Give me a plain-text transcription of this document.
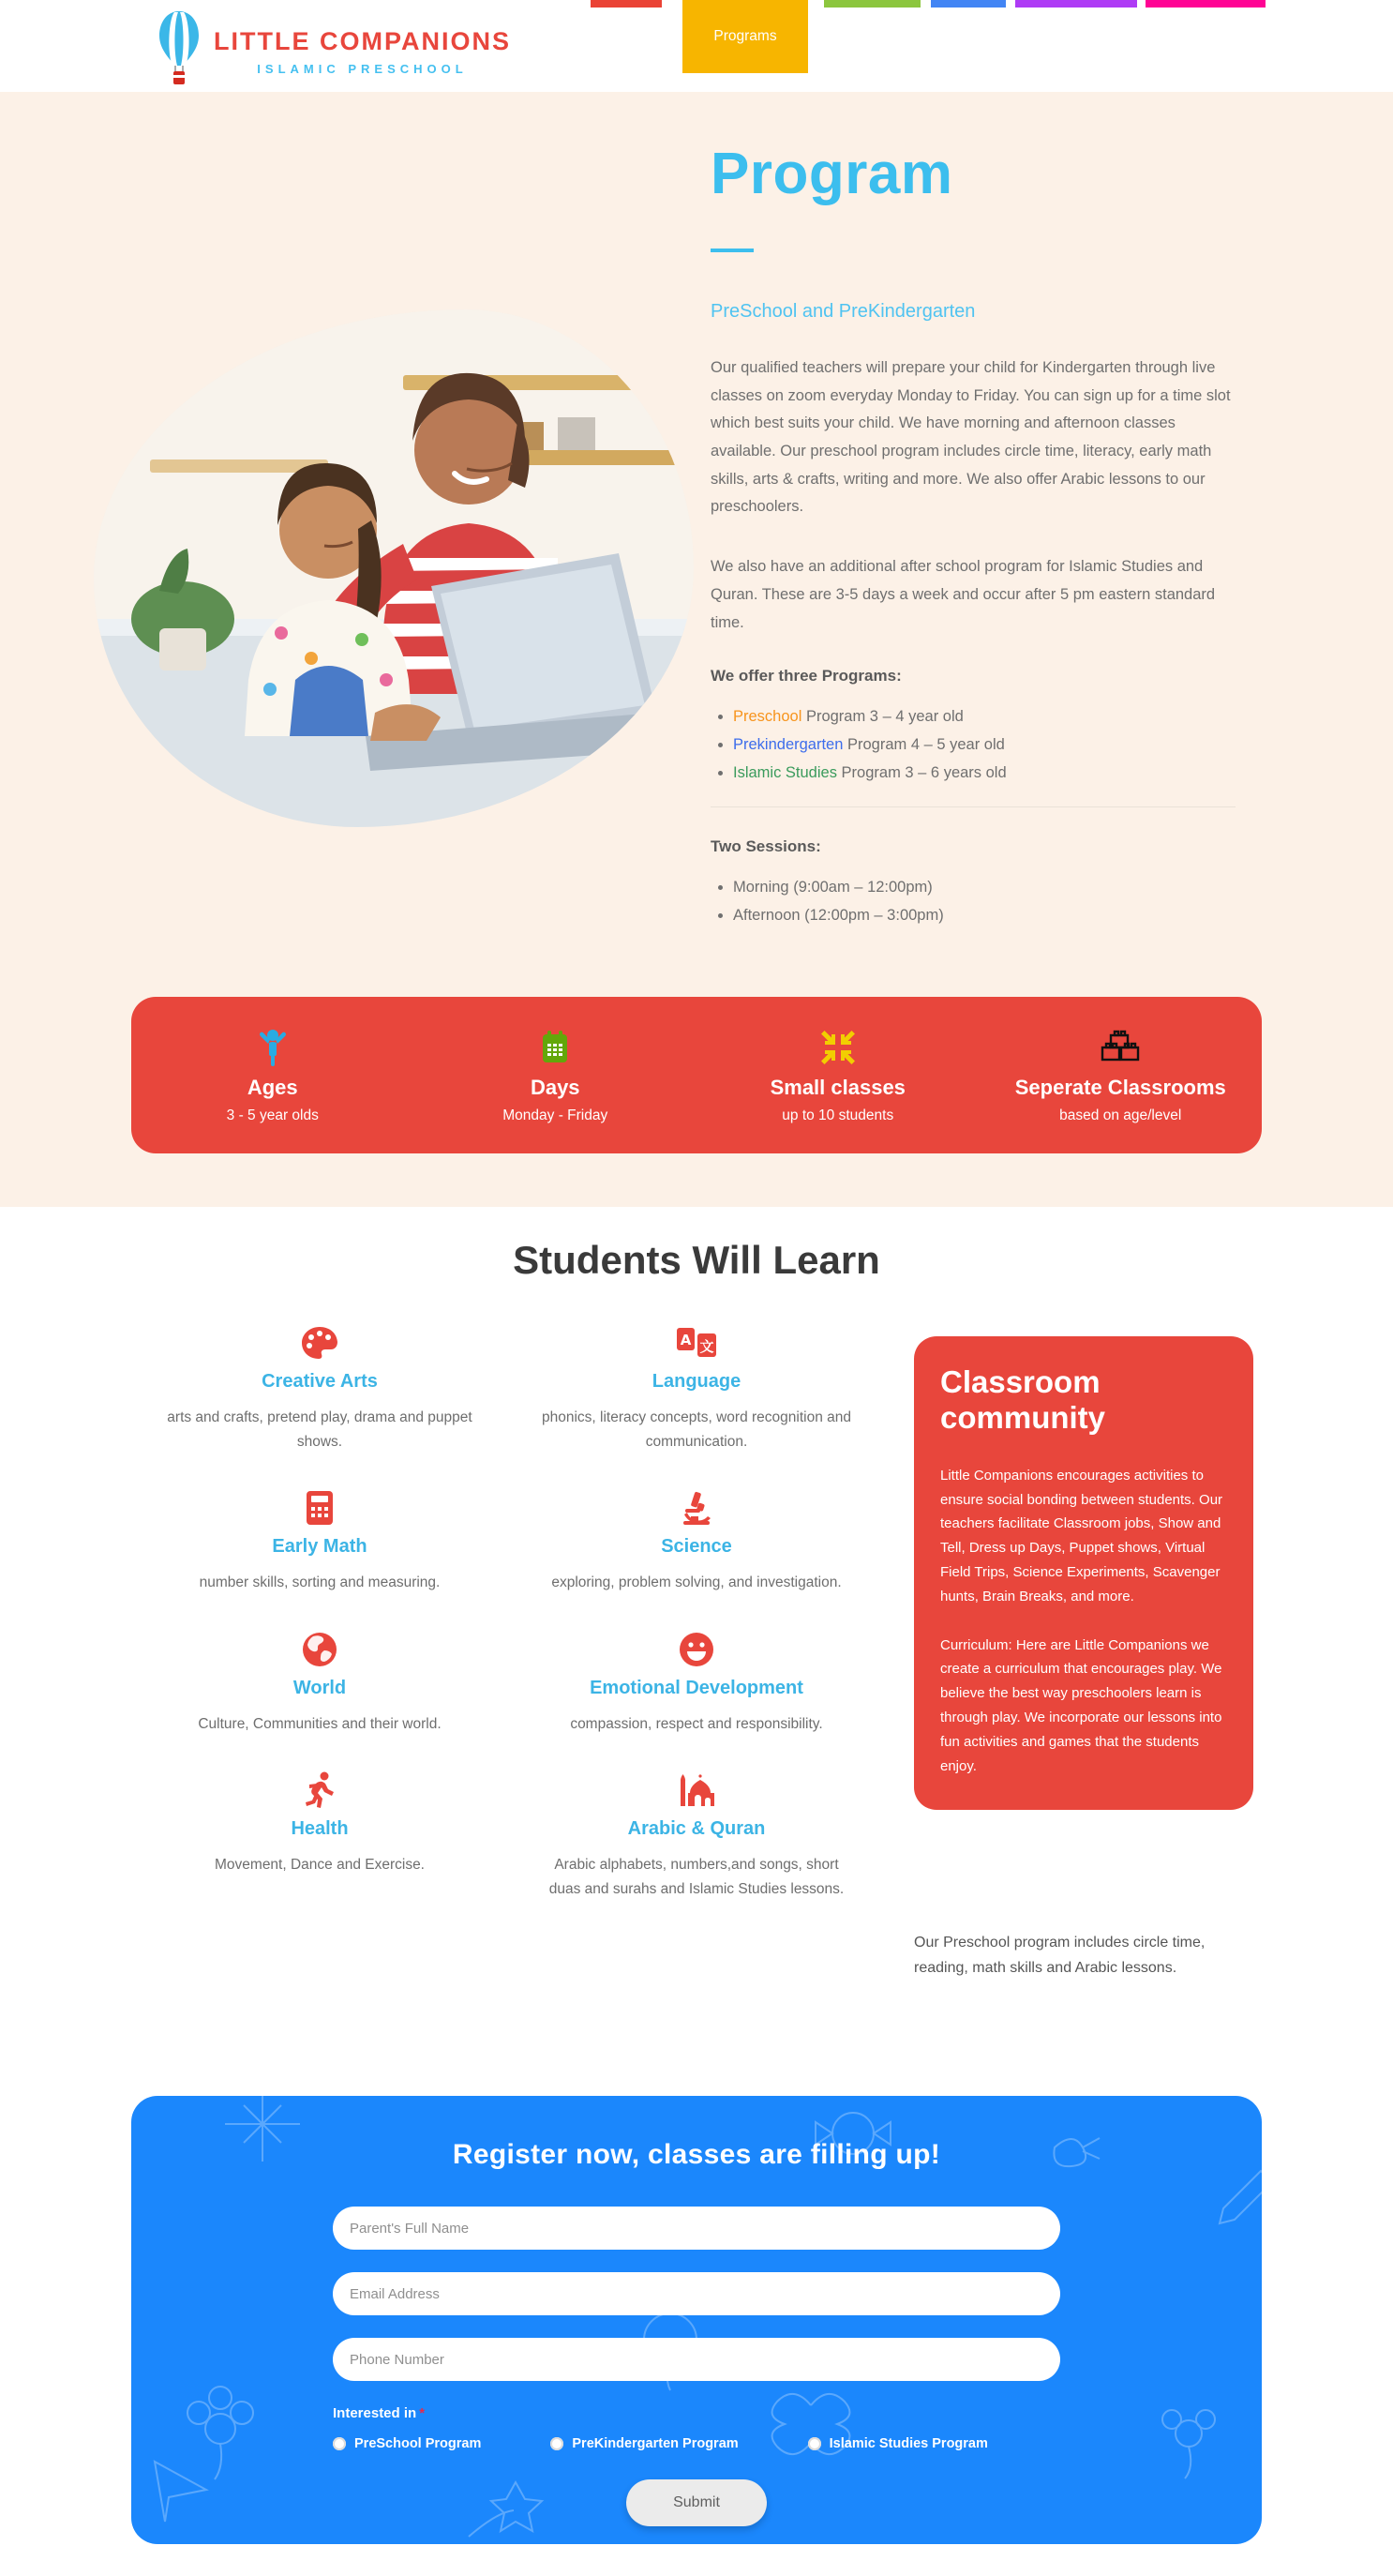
LITTLE COMPANIONS
ISLAMIC PRESCHOOL
Programs
Program
PreSchool and PreKindergarten

Our qualified teachers will prepare your child for Kindergarten through live classes on zoom everyday Monday to Friday. You can sign up for a time slot which best suits your child. We have morning and afternoon classes available. Our preschool program includes circle time, literacy, early math skills, arts & crafts, writing and more. We also offer Arabic lessons to our preschoolers.

We also have an additional after school program for Islamic Studies and Quran. These are 3-5 days a week and occur after 5 pm eastern standard time.

We offer three Programs:
• Preschool Program 3 – 4 year old
• Prekindergarten Program 4 – 5 year old
• Islamic Studies Program 3 – 6 years old
Two Sessions:
• Morning (9:00am – 12:00pm)
• Afternoon (12:00pm – 3:00pm)
Ages
3 - 5 year olds
Days
Monday - Friday
Small classes
up to 10 students
Seperate Classrooms
based on age/level
Students Will Learn
Creative Arts
arts and crafts, pretend play, drama and puppet shows.
A 文
Language
phonics, literacy concepts, word recognition and communication.
Early Math
number skills, sorting and measuring.
Science
exploring, problem solving, and investigation.
World
Culture, Communities and their world.
Emotional Development
compassion, respect and responsibility.
Health
Movement, Dance and Exercise.
Arabic & Quran
Arabic alphabets, numbers,and songs, short duas and surahs and Islamic Studies lessons.
Classroom community

Little Companions encourages activities to ensure social bonding between students. Our teachers facilitate Classroom jobs, Show and Tell, Dress up Days, Puppet shows, Virtual Field Trips, Science Experiments, Scavenger hunts, Brain Breaks, and more.

Curriculum: Here are Little Companions we create a curriculum that encourages play. We believe the best way preschoolers learn is through play. We incorporate our lessons into fun activities and games that the students enjoy.

Our Preschool program includes circle time, reading, math skills and Arabic lessons.
Register now, classes are filling up!
Parent's Full Name
Email Address
Phone Number
Interested in *
PreSchool Program	PreKindergarten Program	Islamic Studies Program
Submit
